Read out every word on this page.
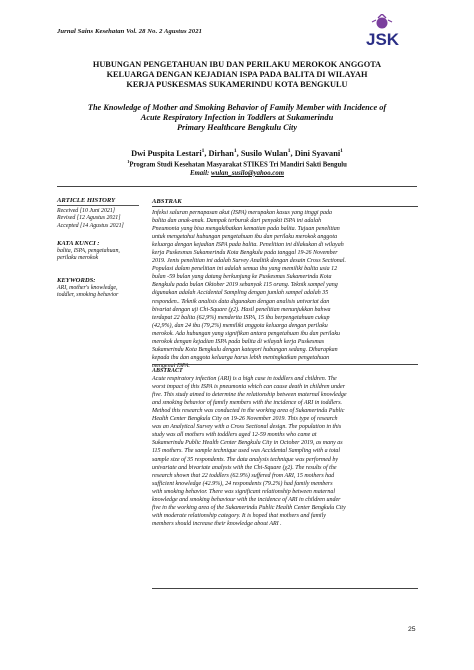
Jurnal Sains Kesehatan Vol. 28 No. 2 Agustus 2021	JSK
HUBUNGAN PENGETAHUAN IBU DAN PERILAKU MEROKOK ANGGOTA
KELUARGA DENGAN KEJADIAN ISPA PADA BALITA DI WILAYAH
KERJA PUSKESMAS SUKAMERINDU KOTA BENGKULU
The Knowledge of Mother and Smoking Behavior of Family Member with Incidence of
Acute Respiratory Infection in Toddlers at Sukamerindu
Primary Healthcare Bengkulu City
Dwi Puspita Lestari$^1$, Dirhan$^1$, Susilo Wulan$^1$, Dini Syavani$^1$
$^1$Program Studi Kesehatan Masyarakat STIKES Tri Mandiri Sakti Bengulu
Email: wulan_susilo@yahoo.com
ARTICLE HISTORY
Received [10 Juni 2021]
Revised [12 Agustus 2021]
Accepted [14 Agustus 2021]
KATA KUNCI :
balita, ISPA, pengetahuan,
perilaku merokok
KEYWORDS:
ARI, mother's knowledge,
toddler, smoking behavior
ABSTRAK
Infeksi saluran pernapasan akut (ISPA) merupakan kasus yang tinggi pada
balita dan anak-anak. Dampak terburuk dari penyakit ISPA ini adalah
Pneumonia yang bisa mengakibatkan kematian pada balita. Tujuan penelitian
untuk mengetahui hubungan pengetahuan ibu dan perilaku merokok anggota
keluarga dengan kejadian ISPA pada balita. Penelitian ini dilakukan di wilayah
kerja Puskesmas Sukamerindu Kota Bengkulu pada tanggal 19-26 November
2019. Jenis penelitian ini adalah Survey Analitik dengan desain Cross Sectional.
Populasi dalam penelitian ini adalah semua ibu yang memiliki balita usia 12
bulan -59 bulan yang datang berkunjung ke Puskesmas Sukamerindu Kota
Bengkulu pada bulan Oktober 2019 sebanyak 115 orang. Teknik sampel yang
digunakan adalah Accidental Sampling dengan jumlah sampel adalah 35
responden.. Teknik analisis data digunakan dengan analisis univariat dan
bivariat dengan uji Chi-Square (χ2). Hasil penelitian menunjukkan bahwa
terdapat 22 balita (62,9%) menderita ISPA, 15 ibu berpengetahuan cukup
(42,9%), dan 24 ibu (79,2%) memiliki anggota keluarga dengan perilaku
merokok. Ada hubungan yang signifikan antara pengetahuan ibu dan perilaku
merokok dengan kejadian ISPA pada balita di wilayah kerja Puskesmas
Sukamerindu Kota Bengkulu dengan kategori hubungan sedang. Diharapkan
kepada ibu dan anggota keluarga harus lebih meningkatkan pengetahuan
mengenai ISPA.
ABSTRACT
Acute respiratory infection (ARI) is a high case in toddlers and children. The
worst impact of this ISPA is pneumonia which can cause death in children under
five. This study aimed to determine the relationship between maternal knowledge
and smoking behavior of family members with the incidence of ARI in toddlers.
Method this research was conducted in the working area of Sukamerindu Public
Health Center Bengkulu City on 19-26 November 2019. This type of research
was an Analytical Survey with a Cross Sectional design. The population in this
study was all mothers with toddlers aged 12-59 months who came at
Sukamerindu Public Health Center Bengkulu City in October 2019, as many as
115 mothers. The sample technique used was Accidental Sampling with a total
sample size of 35 respondents. The data analysis technique was performed by
univariate and bivariate analysis with the Chi-Square (χ2). The results of the
research shown that 22 toddlers (62.9%) suffered from ARI, 15 mothers had
sufficient knowledge (42.9%), 24 respondents (79.2%) had family members
with smoking behavior. There was significant relationship between maternal
knowledge and smoking behaviour with the incidence of ARI in children under
five in the working area of the Sukamerindu Public Health Center Bengkulu City
with moderate relationship category. It is hoped that mothers and family
members should increase their knowledge about ARI .
25
